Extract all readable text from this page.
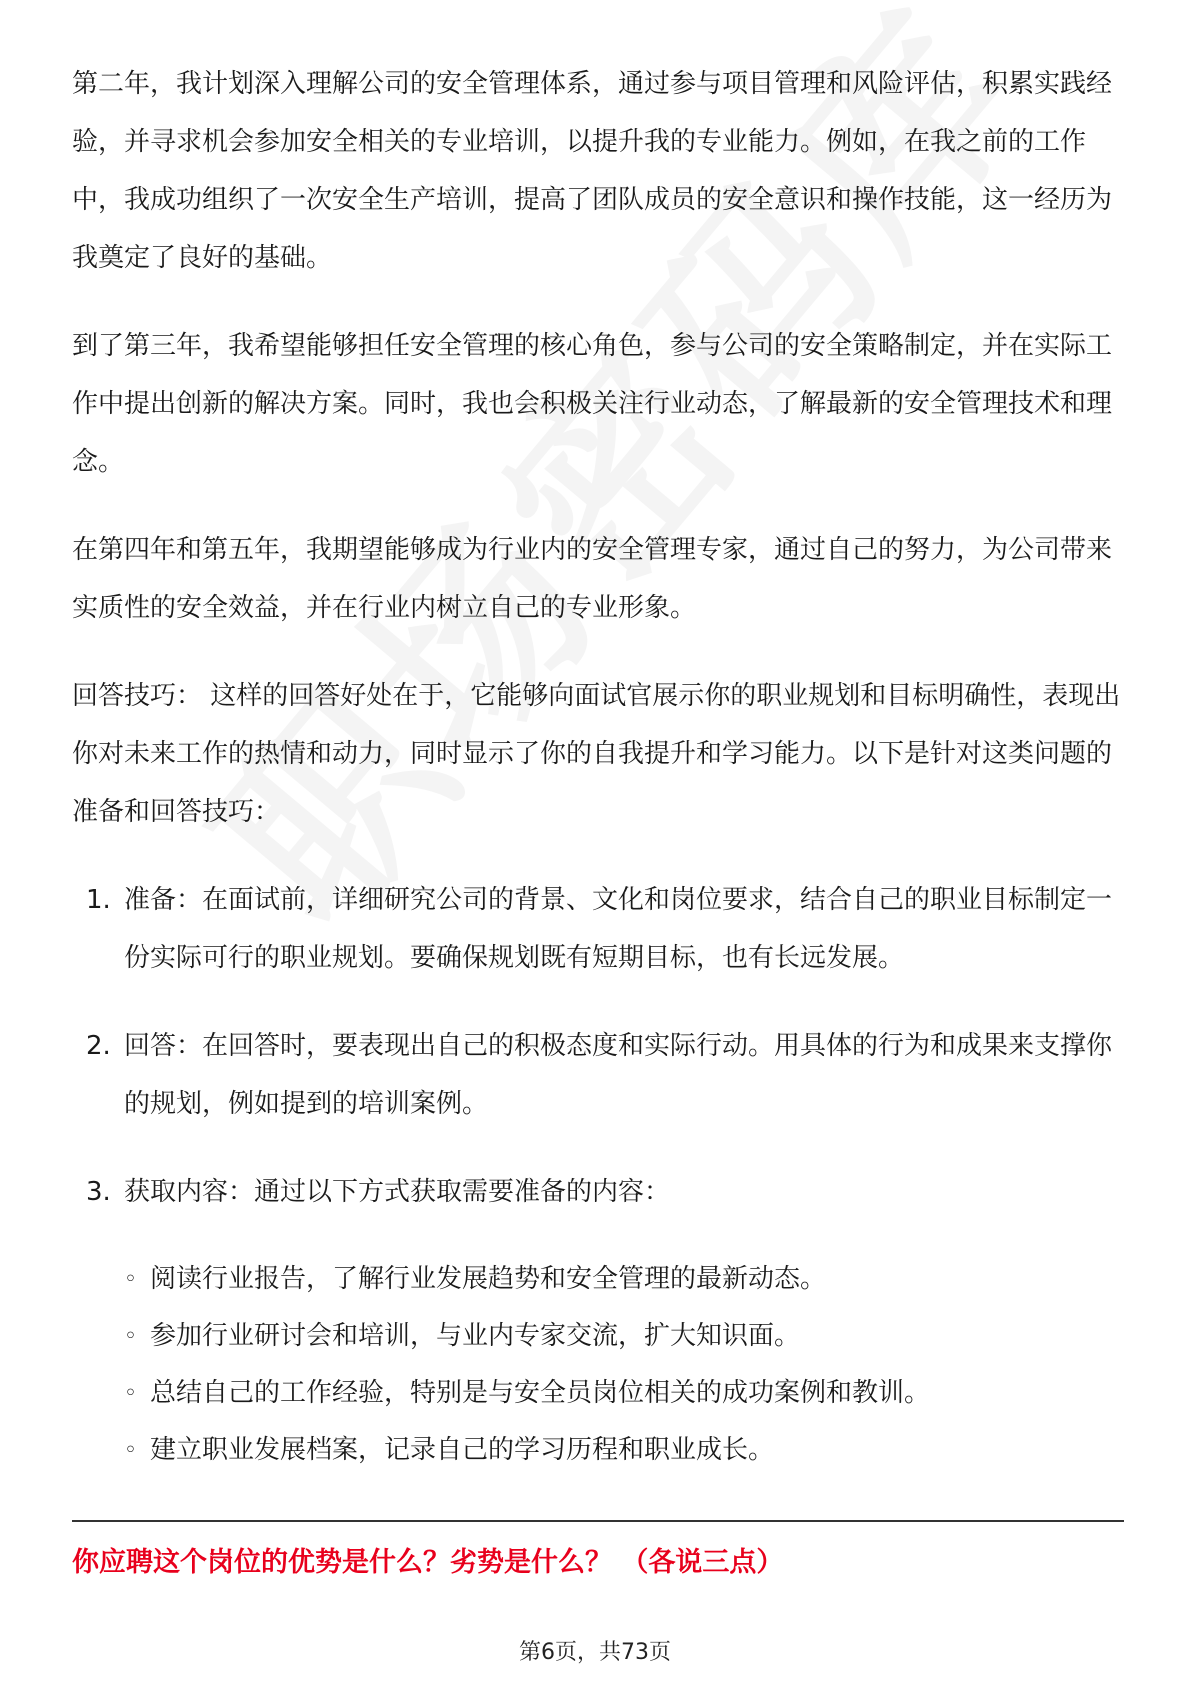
第二年，我计划深入理解公司的安全管理体系，通过参与项目管理和风险评估，积累实践经验，并寻求机会参加安全相关的专业培训，以提升我的专业能力。例如，在我之前的工作中，我成功组织了一次安全生产培训，提高了团队成员的安全意识和操作技能，这一经历为我奠定了良好的基础。

到了第三年，我希望能够担任安全管理的核心角色，参与公司的安全策略制定，并在实际工作中提出创新的解决方案。同时，我也会积极关注行业动态，了解最新的安全管理技术和理念。

在第四年和第五年，我期望能够成为行业内的安全管理专家，通过自己的努力，为公司带来实质性的安全效益，并在行业内树立自己的专业形象。

回答技巧： 这样的回答好处在于，它能够向面试官展示你的职业规划和目标明确性，表现出你对未来工作的热情和动力，同时显示了你的自我提升和学习能力。以下是针对这类问题的准备和回答技巧：

1. 准备：在面试前，详细研究公司的背景、文化和岗位要求，结合自己的职业目标制定一份实际可行的职业规划。要确保规划既有短期目标，也有长远发展。
2. 回答：在回答时，要表现出自己的积极态度和实际行动。用具体的行为和成果来支撑你的规划，例如提到的培训案例。
3. 获取内容：通过以下方式获取需要准备的内容：
◦ 阅读行业报告，了解行业发展趋势和安全管理的最新动态。
◦ 参加行业研讨会和培训，与业内专家交流，扩大知识面。
◦ 总结自己的工作经验，特别是与安全员岗位相关的成功案例和教训。
◦ 建立职业发展档案，记录自己的学习历程和职业成长。
你应聘这个岗位的优势是什么？劣势是什么？ （各说三点）
第6页，共73页
